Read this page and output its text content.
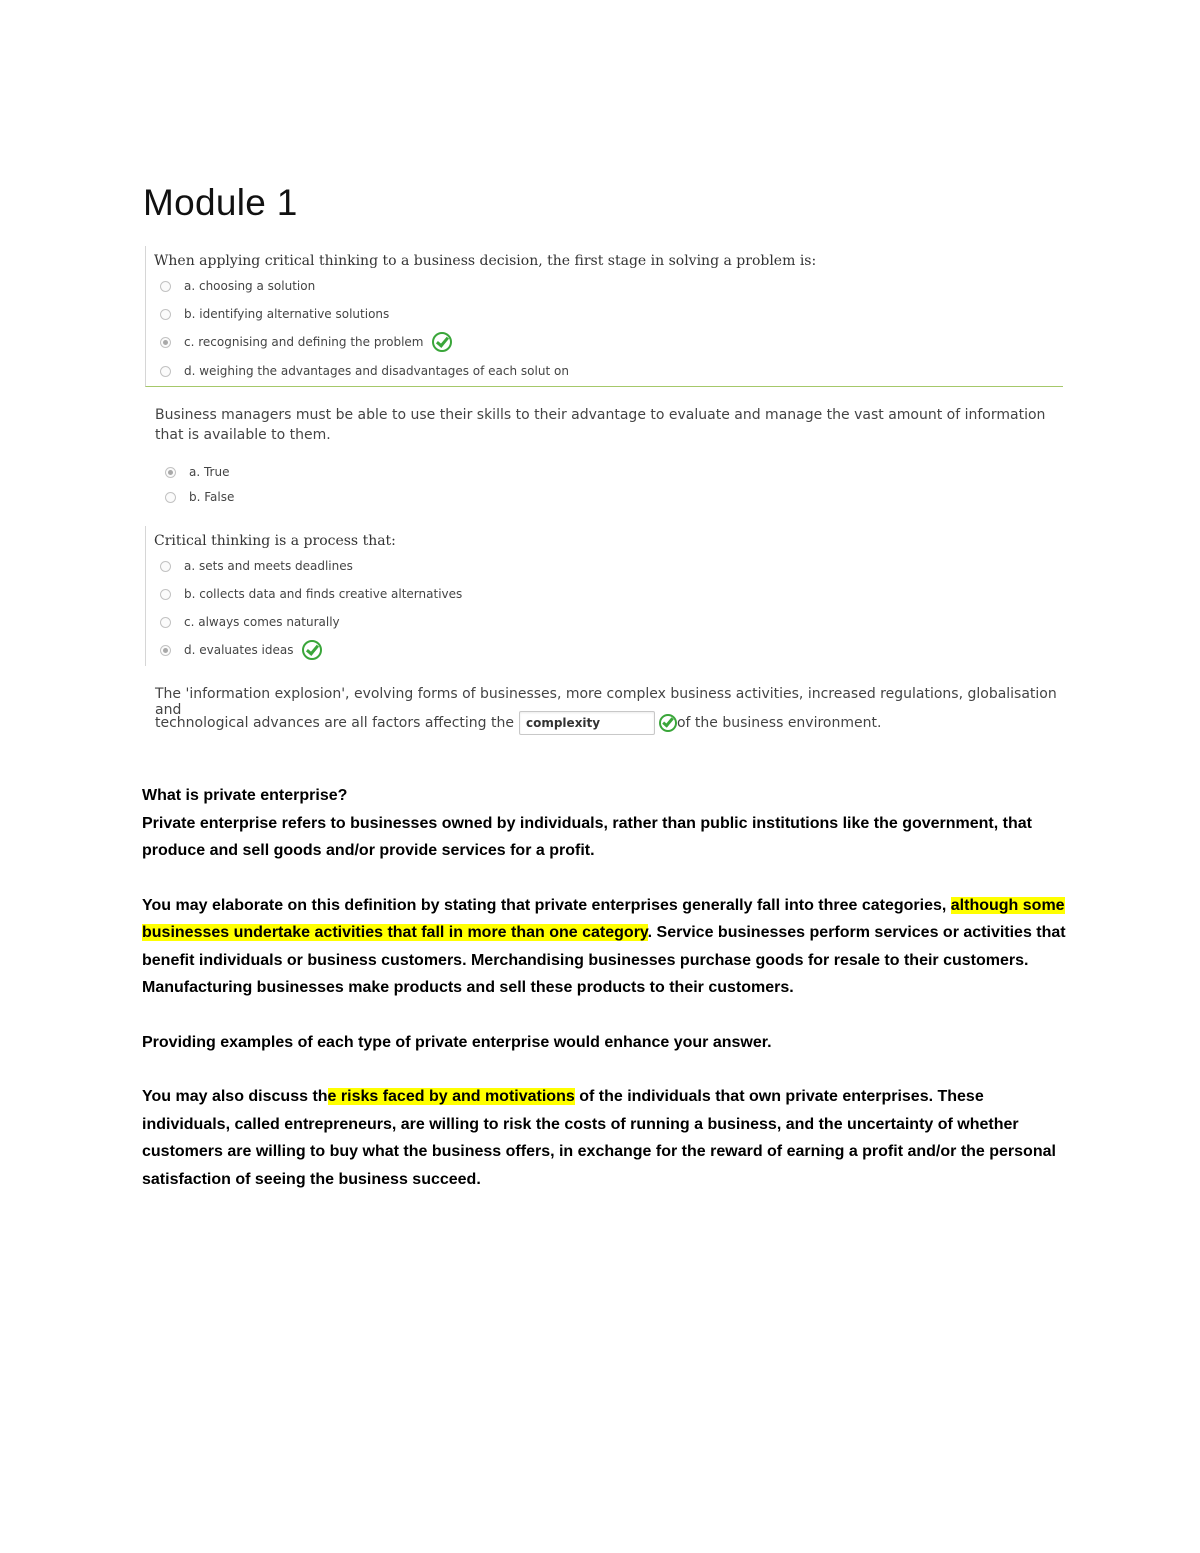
Module 1
When applying critical thinking to a business decision, the first stage in solving a problem is:
a. choosing a solution
b. identifying alternative solutions
c. recognising and defining the problem
d. weighing the advantages and disadvantages of each solut on
Business managers must be able to use their skills to their advantage to evaluate and manage the vast amount of information that is available to them.
a. True
b. False
Critical thinking is a process that:
a. sets and meets deadlines
b. collects data and finds creative alternatives
c. always comes naturally
d. evaluates ideas
The 'information explosion', evolving forms of businesses, more complex business activities, increased regulations, globalisation and
technological advances are all factors affecting the	complexity	of the business environment.

What is private enterprise?

Private enterprise refers to businesses owned by individuals, rather than public institutions like the government, that produce and sell goods and/or provide services for a profit.

You may elaborate on this definition by stating that private enterprises generally fall into three categories, although some businesses undertake activities that fall in more than one category. Service businesses perform services or activities that benefit individuals or business customers. Merchandising businesses purchase goods for resale to their customers. Manufacturing businesses make products and sell these products to their customers.

Providing examples of each type of private enterprise would enhance your answer.

You may also discuss the risks faced by and motivations of the individuals that own private enterprises. These individuals, called entrepreneurs, are willing to risk the costs of running a business, and the uncertainty of whether customers are willing to buy what the business offers, in exchange for the reward of earning a profit and/or the personal satisfaction of seeing the business succeed.
